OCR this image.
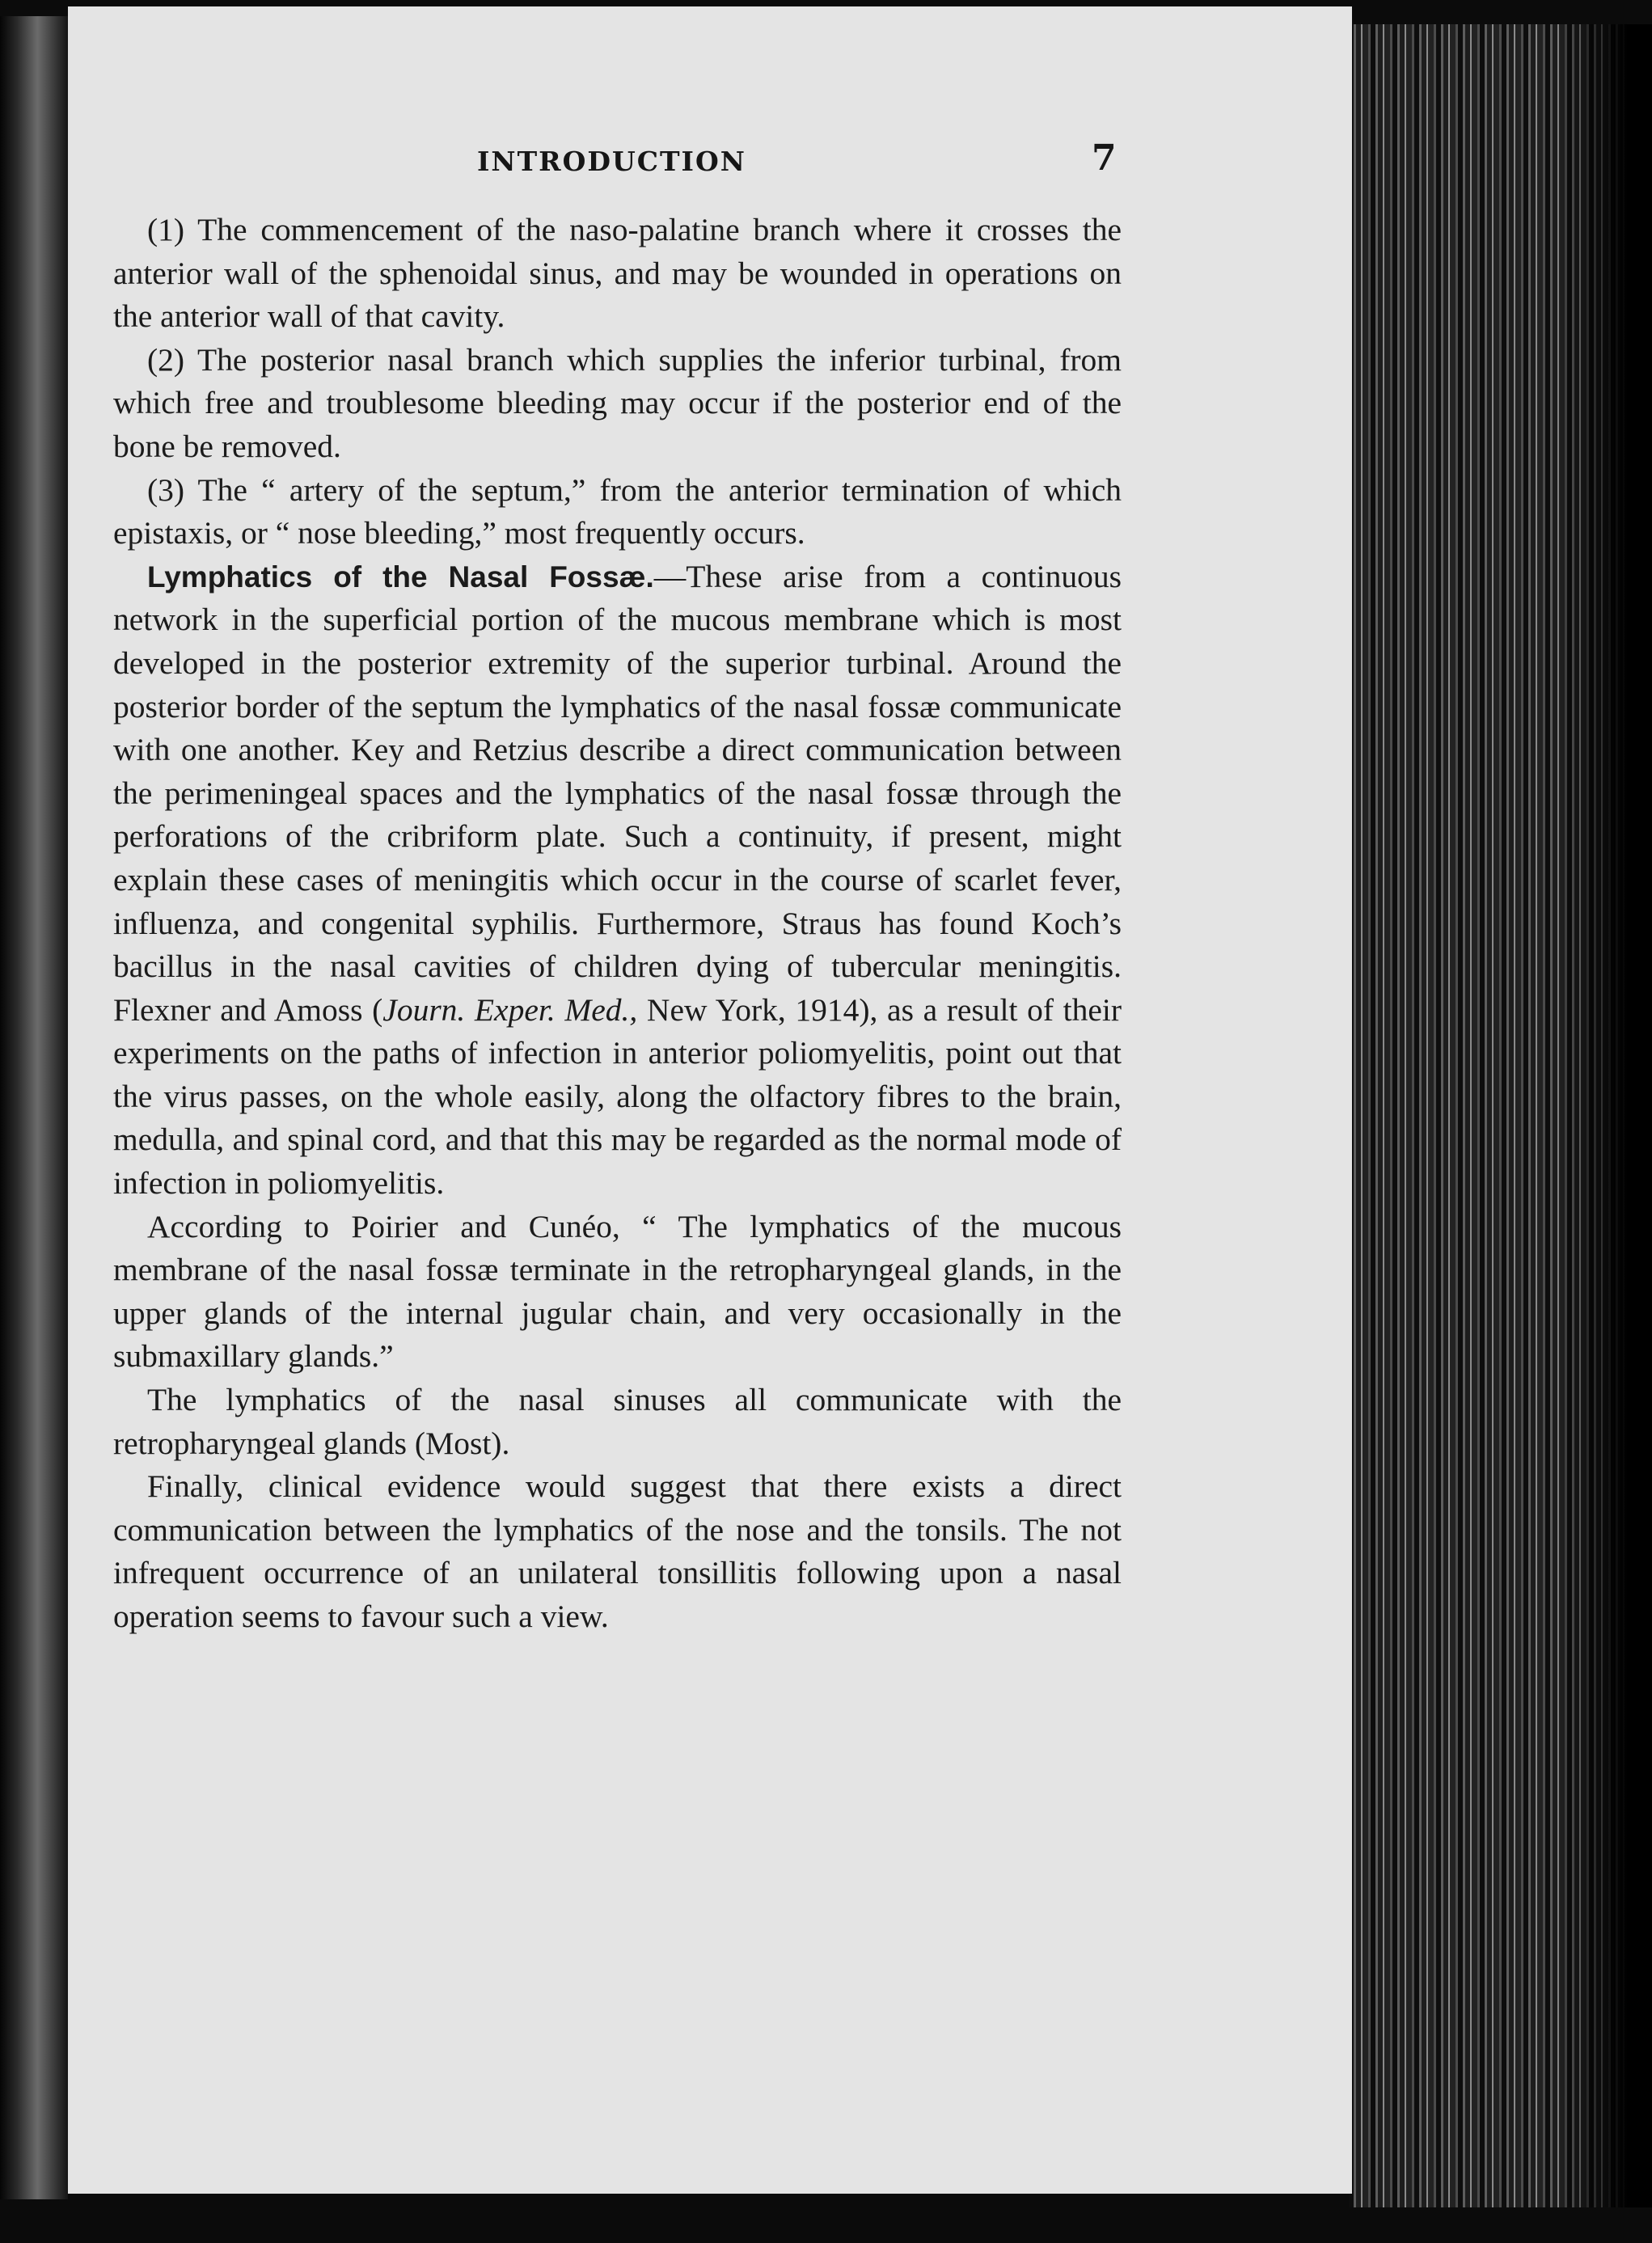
INTRODUCTION	7

(1) The commencement of the naso-palatine branch where it crosses the anterior wall of the sphenoidal sinus, and may be wounded in operations on the anterior wall of that cavity.

(2) The posterior nasal branch which supplies the inferior turbinal, from which free and troublesome bleeding may occur if the posterior end of the bone be removed.

(3) The “ artery of the septum,” from the anterior termination of which epistaxis, or “ nose bleeding,” most frequently occurs.

Lymphatics of the Nasal Fossæ.—These arise from a continuous network in the superficial portion of the mucous membrane which is most developed in the posterior extremity of the superior turbinal. Around the posterior border of the septum the lymphatics of the nasal fossæ communicate with one another. Key and Retzius describe a direct communication between the perimeningeal spaces and the lymphatics of the nasal fossæ through the perforations of the cribriform plate. Such a continuity, if present, might explain these cases of meningitis which occur in the course of scarlet fever, influenza, and congenital syphilis. Furthermore, Straus has found Koch’s bacillus in the nasal cavities of children dying of tubercular meningitis. Flexner and Amoss (Journ. Exper. Med., New York, 1914), as a result of their experiments on the paths of infection in anterior poliomyelitis, point out that the virus passes, on the whole easily, along the olfactory fibres to the brain, medulla, and spinal cord, and that this may be regarded as the normal mode of infection in poliomyelitis.

According to Poirier and Cunéo, “ The lymphatics of the mucous membrane of the nasal fossæ terminate in the retropharyngeal glands, in the upper glands of the internal jugular chain, and very occasionally in the submaxillary glands.”

The lymphatics of the nasal sinuses all communicate with the retropharyngeal glands (Most).

Finally, clinical evidence would suggest that there exists a direct communication between the lymphatics of the nose and the tonsils. The not infrequent occurrence of an unilateral tonsillitis following upon a nasal operation seems to favour such a view.
